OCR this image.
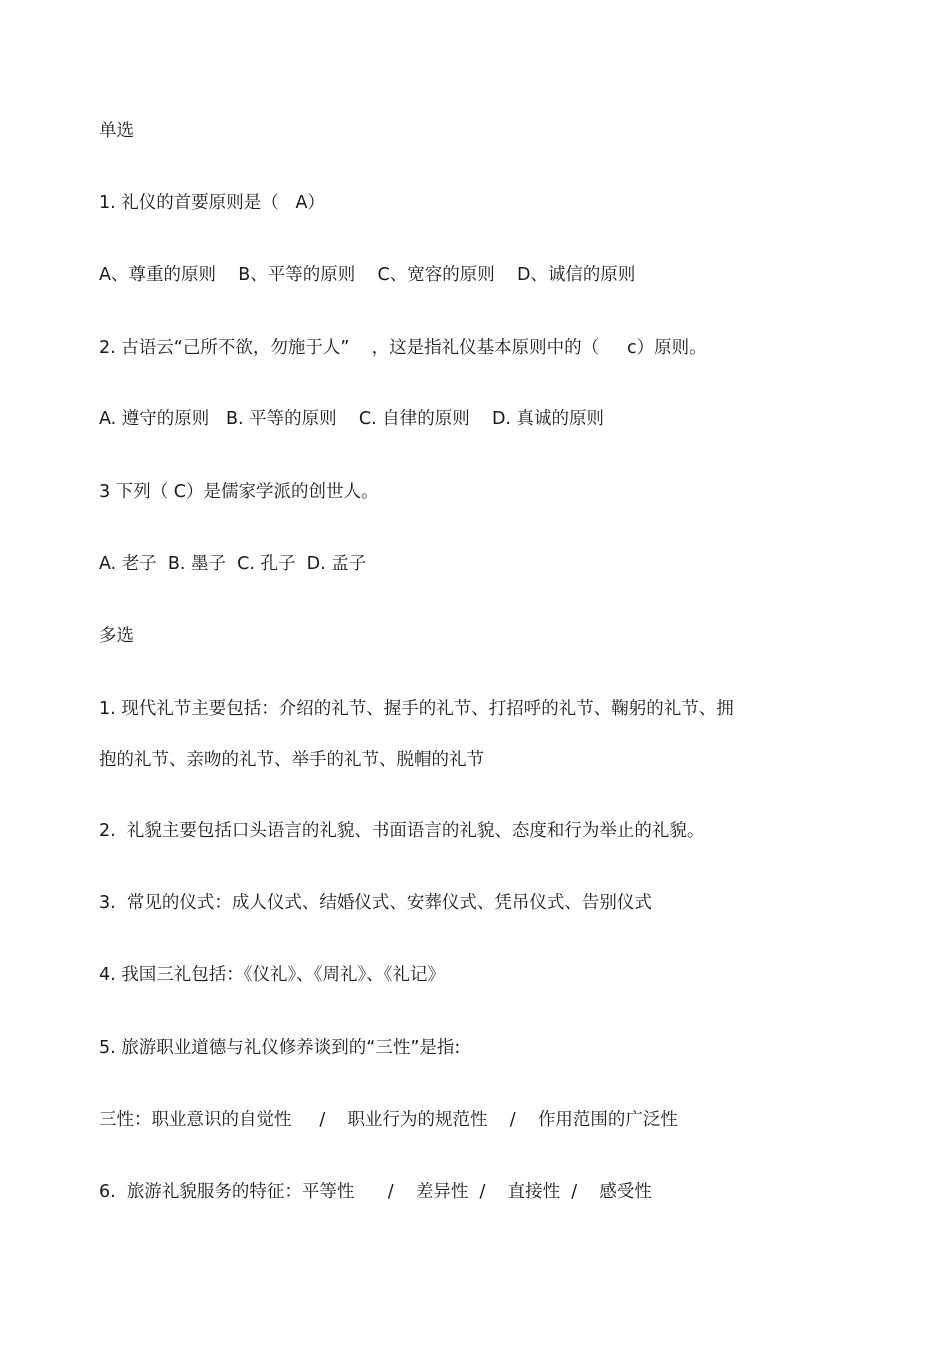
单选

1. 礼仪的首要原则是（   A）

A、尊重的原则    B、平等的原则    C、宽容的原则    D、诚信的原则

2. 古语云“己所不欲，勿施于人”    ，这是指礼仪基本原则中的（     c）原则。

A. 遵守的原则   B. 平等的原则    C. 自律的原则    D. 真诚的原则

3 下列（ C）是儒家学派的创世人。

A. 老子  B. 墨子  C. 孔子  D. 孟子

多选

1. 现代礼节主要包括：介绍的礼节、握手的礼节、打招呼的礼节、鞠躬的礼节、拥

抱的礼节、亲吻的礼节、举手的礼节、脱帽的礼节

2.  礼貌主要包括口头语言的礼貌、书面语言的礼貌、态度和行为举止的礼貌。

3.  常见的仪式：成人仪式、结婚仪式、安葬仪式、凭吊仪式、告别仪式

4. 我国三礼包括：《仪礼》、《周礼》、《礼记》

5. 旅游职业道德与礼仪修养谈到的“三性”是指:

三性：职业意识的自觉性     /    职业行为的规范性    /    作用范围的广泛性

6.  旅游礼貌服务的特征：平等性      /    差异性  /    直接性  /    感受性
